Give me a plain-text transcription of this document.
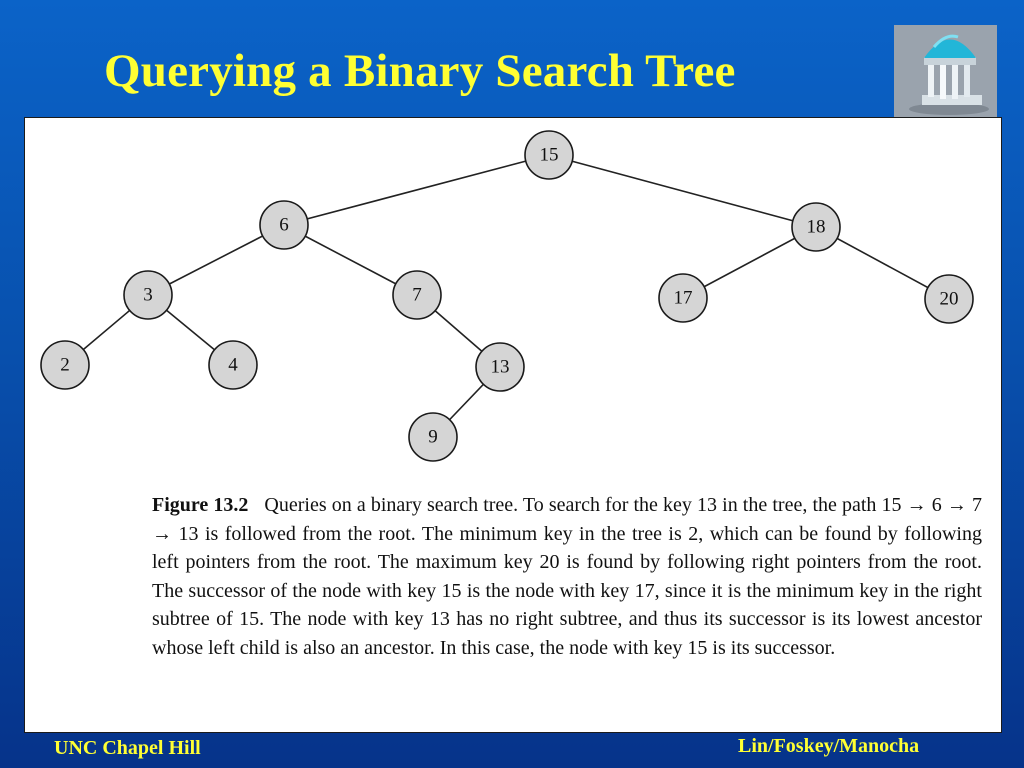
Querying a Binary Search Tree
15
6	18
3	7	17	20
2	4	13
9
Figure 13.2 Queries on a binary search tree. To search for the key 13 in the tree, the path 15 → 6 → 7 → 13 is followed from the root. The minimum key in the tree is 2, which can be found by following left pointers from the root. The maximum key 20 is found by following right pointers from the root. The successor of the node with key 15 is the node with key 17, since it is the minimum key in the right subtree of 15. The node with key 13 has no right subtree, and thus its successor is its lowest ancestor whose left child is also an ancestor. In this case, the node with key 15 is its successor.
UNC Chapel Hill	Lin/Foskey/Manocha
